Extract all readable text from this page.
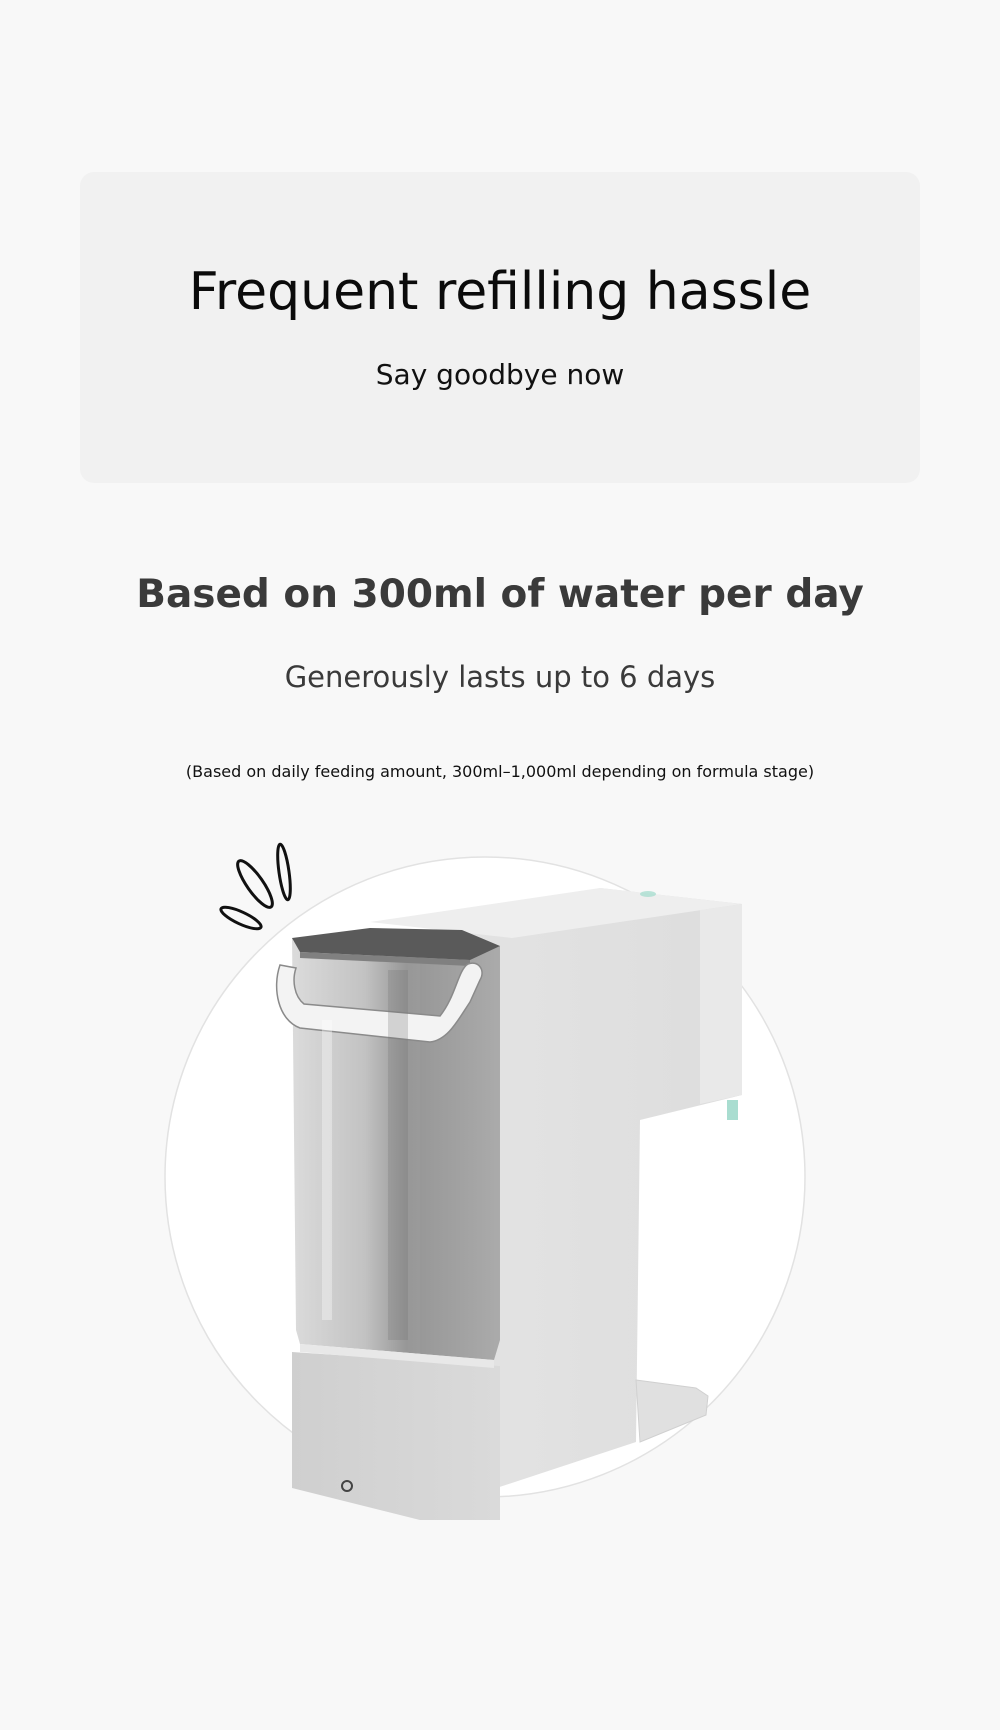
Frequent refilling hassle

Say goodbye now

Based on 300ml of water per day

Generously lasts up to 6 days

(Based on daily feeding amount, 300ml–1,000ml depending on formula stage)
